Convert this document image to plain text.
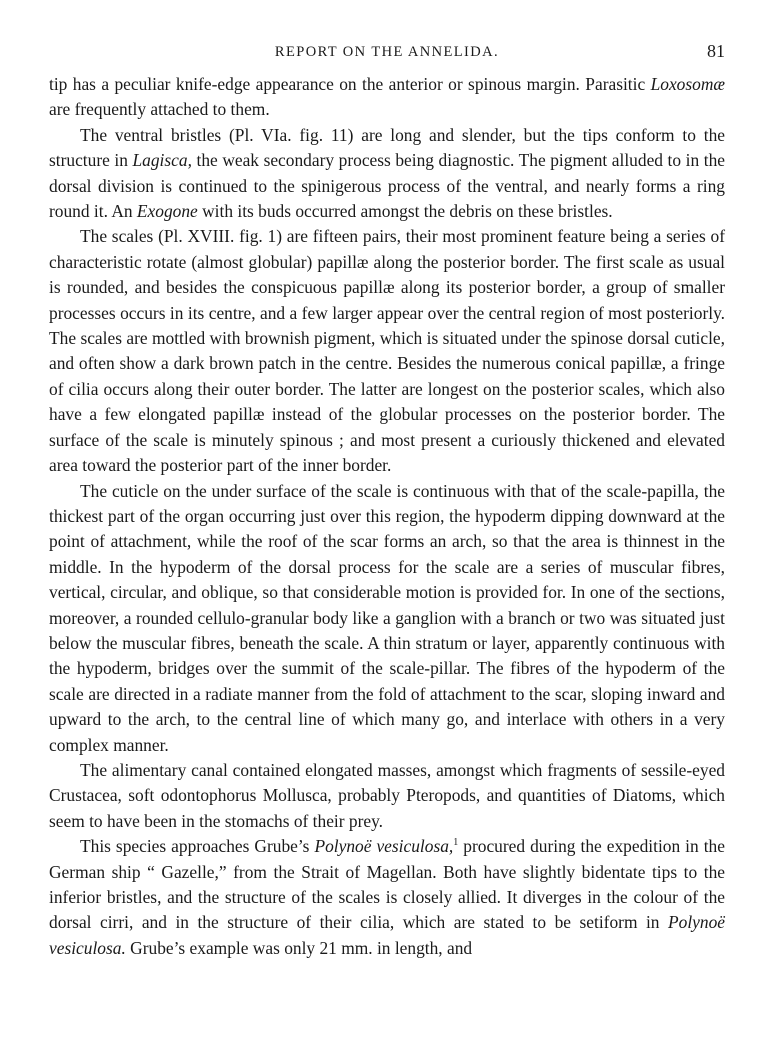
REPORT ON THE ANNELIDA.	81

tip has a peculiar knife-edge appearance on the anterior or spinous margin. Parasitic Loxosomæ are frequently attached to them.

The ventral bristles (Pl. VIa. fig. 11) are long and slender, but the tips conform to the structure in Lagisca, the weak secondary process being diagnostic. The pigment alluded to in the dorsal division is continued to the spinigerous process of the ventral, and nearly forms a ring round it. An Exogone with its buds occurred amongst the debris on these bristles.

The scales (Pl. XVIII. fig. 1) are fifteen pairs, their most prominent feature being a series of characteristic rotate (almost globular) papillæ along the posterior border. The first scale as usual is rounded, and besides the conspicuous papillæ along its posterior border, a group of smaller processes occurs in its centre, and a few larger appear over the central region of most posteriorly. The scales are mottled with brownish pigment, which is situated under the spinose dorsal cuticle, and often show a dark brown patch in the centre. Besides the numerous conical papillæ, a fringe of cilia occurs along their outer border. The latter are longest on the posterior scales, which also have a few elongated papillæ instead of the globular processes on the posterior border. The surface of the scale is minutely spinous ; and most present a curiously thickened and elevated area toward the posterior part of the inner border.

The cuticle on the under surface of the scale is continuous with that of the scale-papilla, the thickest part of the organ occurring just over this region, the hypoderm dipping downward at the point of attachment, while the roof of the scar forms an arch, so that the area is thinnest in the middle. In the hypoderm of the dorsal process for the scale are a series of muscular fibres, vertical, circular, and oblique, so that considerable motion is provided for. In one of the sections, moreover, a rounded cellulo-granular body like a ganglion with a branch or two was situated just below the muscular fibres, beneath the scale. A thin stratum or layer, apparently continuous with the hypoderm, bridges over the summit of the scale-pillar. The fibres of the hypoderm of the scale are directed in a radiate manner from the fold of attachment to the scar, sloping inward and upward to the arch, to the central line of which many go, and interlace with others in a very complex manner.

The alimentary canal contained elongated masses, amongst which fragments of sessile-eyed Crustacea, soft odontophorus Mollusca, probably Pteropods, and quantities of Diatoms, which seem to have been in the stomachs of their prey.

This species approaches Grube’s Polynoë vesiculosa,$^1$ procured during the expedition in the German ship “ Gazelle,” from the Strait of Magellan. Both have slightly bidentate tips to the inferior bristles, and the structure of the scales is closely allied. It diverges in the colour of the dorsal cirri, and in the structure of their cilia, which are stated to be setiform in Polynoë vesiculosa. Grube’s example was only 21 mm. in length, and
